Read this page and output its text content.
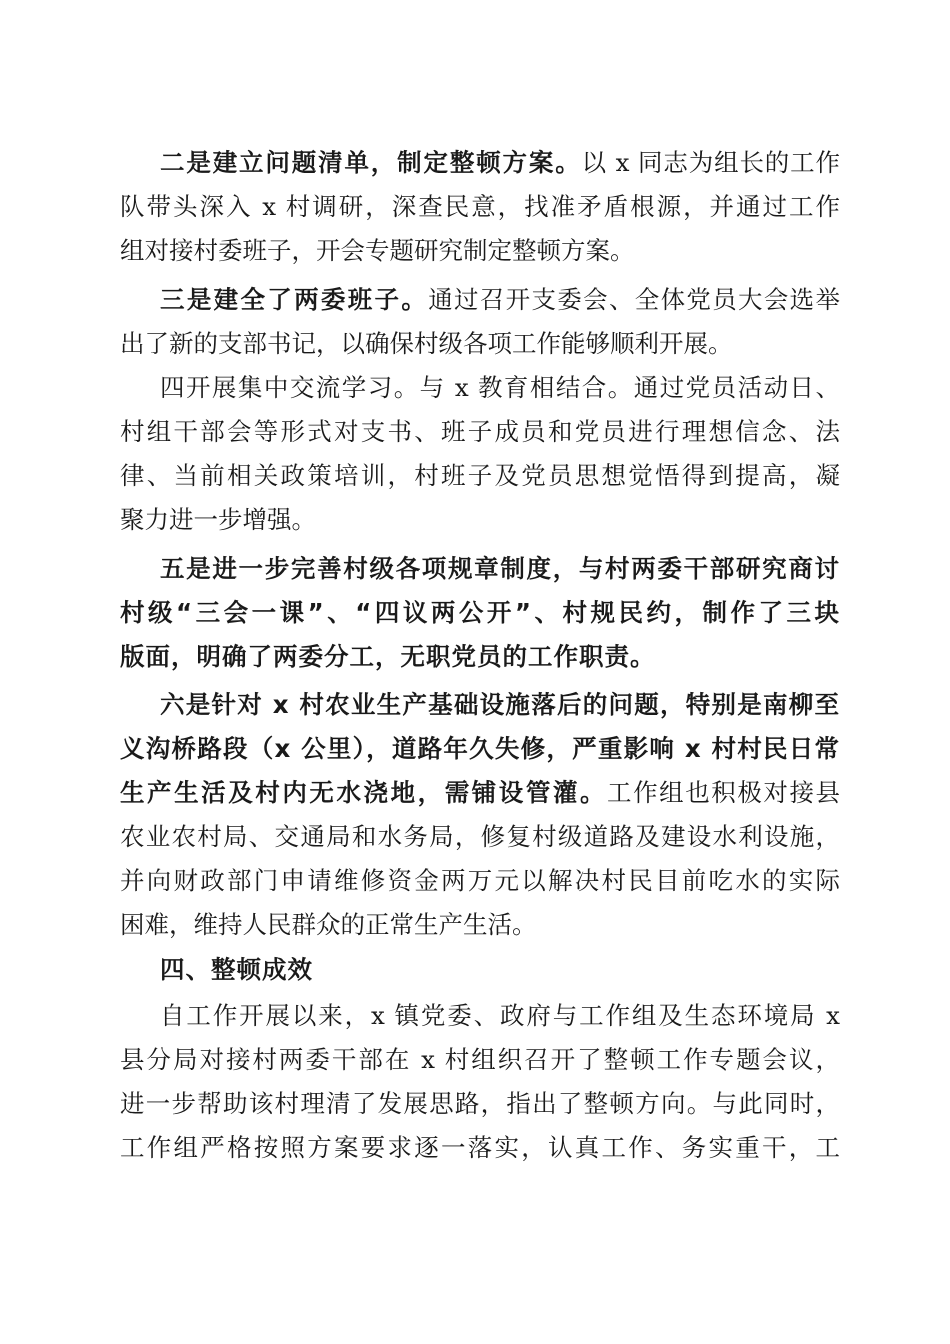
二是建立问题清单，制定整顿方案。以 x 同志为组长的工作
队带头深入 x 村调研，深查民意，找准矛盾根源，并通过工作
组对接村委班子，开会专题研究制定整顿方案。
三是建全了两委班子。通过召开支委会、全体党员大会选举
出了新的支部书记，以确保村级各项工作能够顺利开展。
四开展集中交流学习。与 x 教育相结合。通过党员活动日、
村组干部会等形式对支书、班子成员和党员进行理想信念、法
律、当前相关政策培训，村班子及党员思想觉悟得到提高，凝
聚力进一步增强。
五是进一步完善村级各项规章制度，与村两委干部研究商讨
村级“三会一课”、“四议两公开”、村规民约，制作了三块
版面，明确了两委分工，无职党员的工作职责。
六是针对 x 村农业生产基础设施落后的问题，特别是南柳至
义沟桥路段（x 公里），道路年久失修，严重影响 x 村村民日常
生产生活及村内无水浇地，需铺设管灌。工作组也积极对接县
农业农村局、交通局和水务局，修复村级道路及建设水利设施，
并向财政部门申请维修资金两万元以解决村民目前吃水的实际
困难，维持人民群众的正常生产生活。
四、整顿成效
自工作开展以来，x 镇党委、政府与工作组及生态环境局 x
县分局对接村两委干部在 x 村组织召开了整顿工作专题会议，
进一步帮助该村理清了发展思路，指出了整顿方向。与此同时，
工作组严格按照方案要求逐一落实，认真工作、务实重干，工
